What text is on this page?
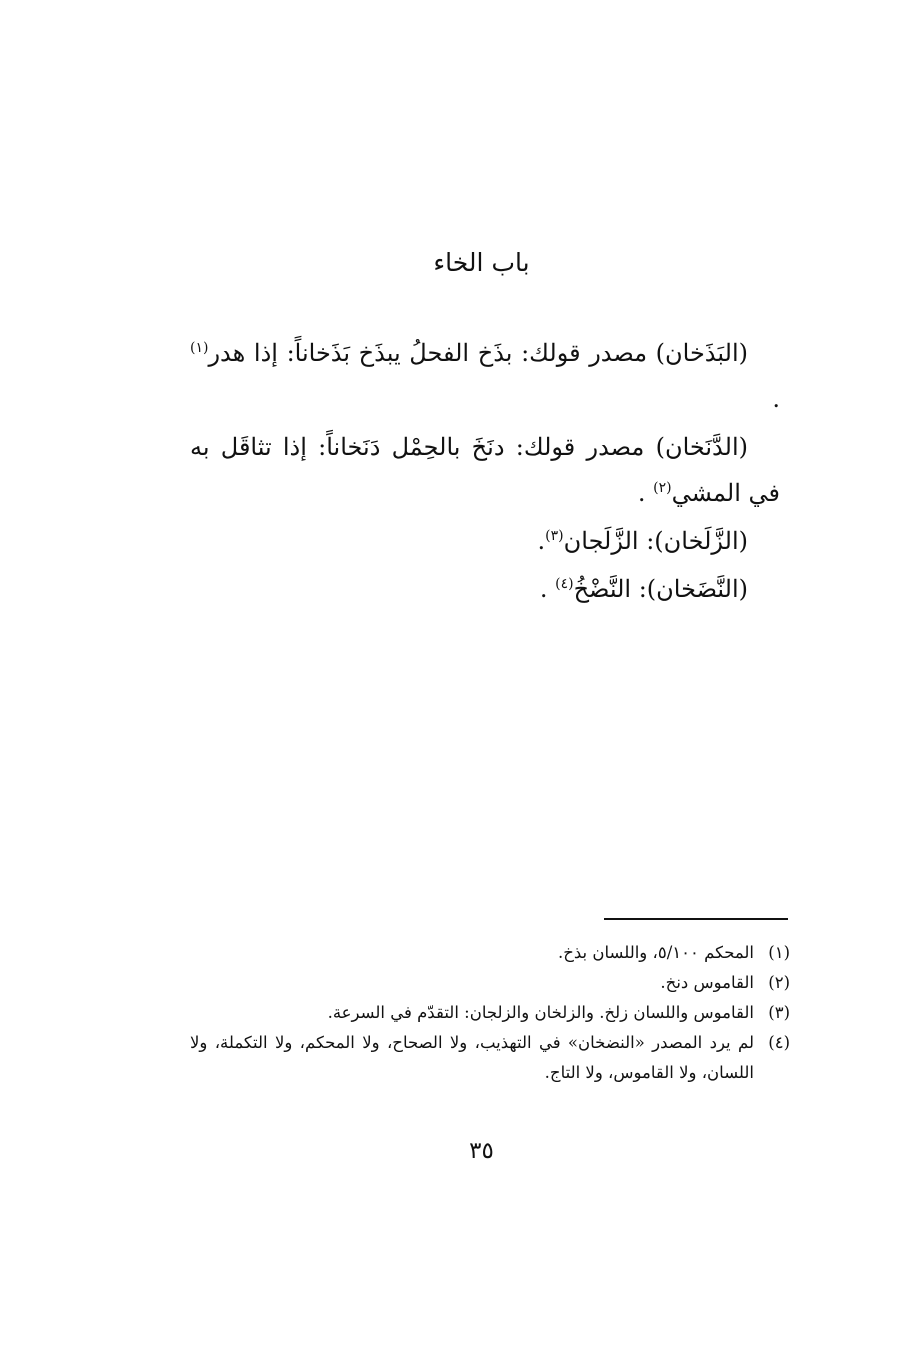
باب الخاء

(البَذَخان) مصدر قولك: بذَخ الفحلُ يبذَخ بَذَخاناً: إذا هدر$^{(١)}$ .

(الدَّنَخان) مصدر قولك: دنَخَ بالحِمْل دَنَخاناً: إذا تثاقَل به في المشي$^{(٢)}$ .

(الزَّلَخان): الزَّلَجان$^{(٣)}$.

(النَّضَخان): النَّضْخُ$^{(٤)}$ .

(١)
المحكم ٥/١٠٠، واللسان بذخ.
(٢)
القاموس دنخ.
(٣)
القاموس واللسان زلخ. والزلخان والزلجان: التقدّم في السرعة.
(٤)
لم يرد المصدر «النضخان» في التهذيب، ولا الصحاح، ولا المحكم، ولا التكملة، ولا اللسان، ولا القاموس، ولا التاج.
٣٥
